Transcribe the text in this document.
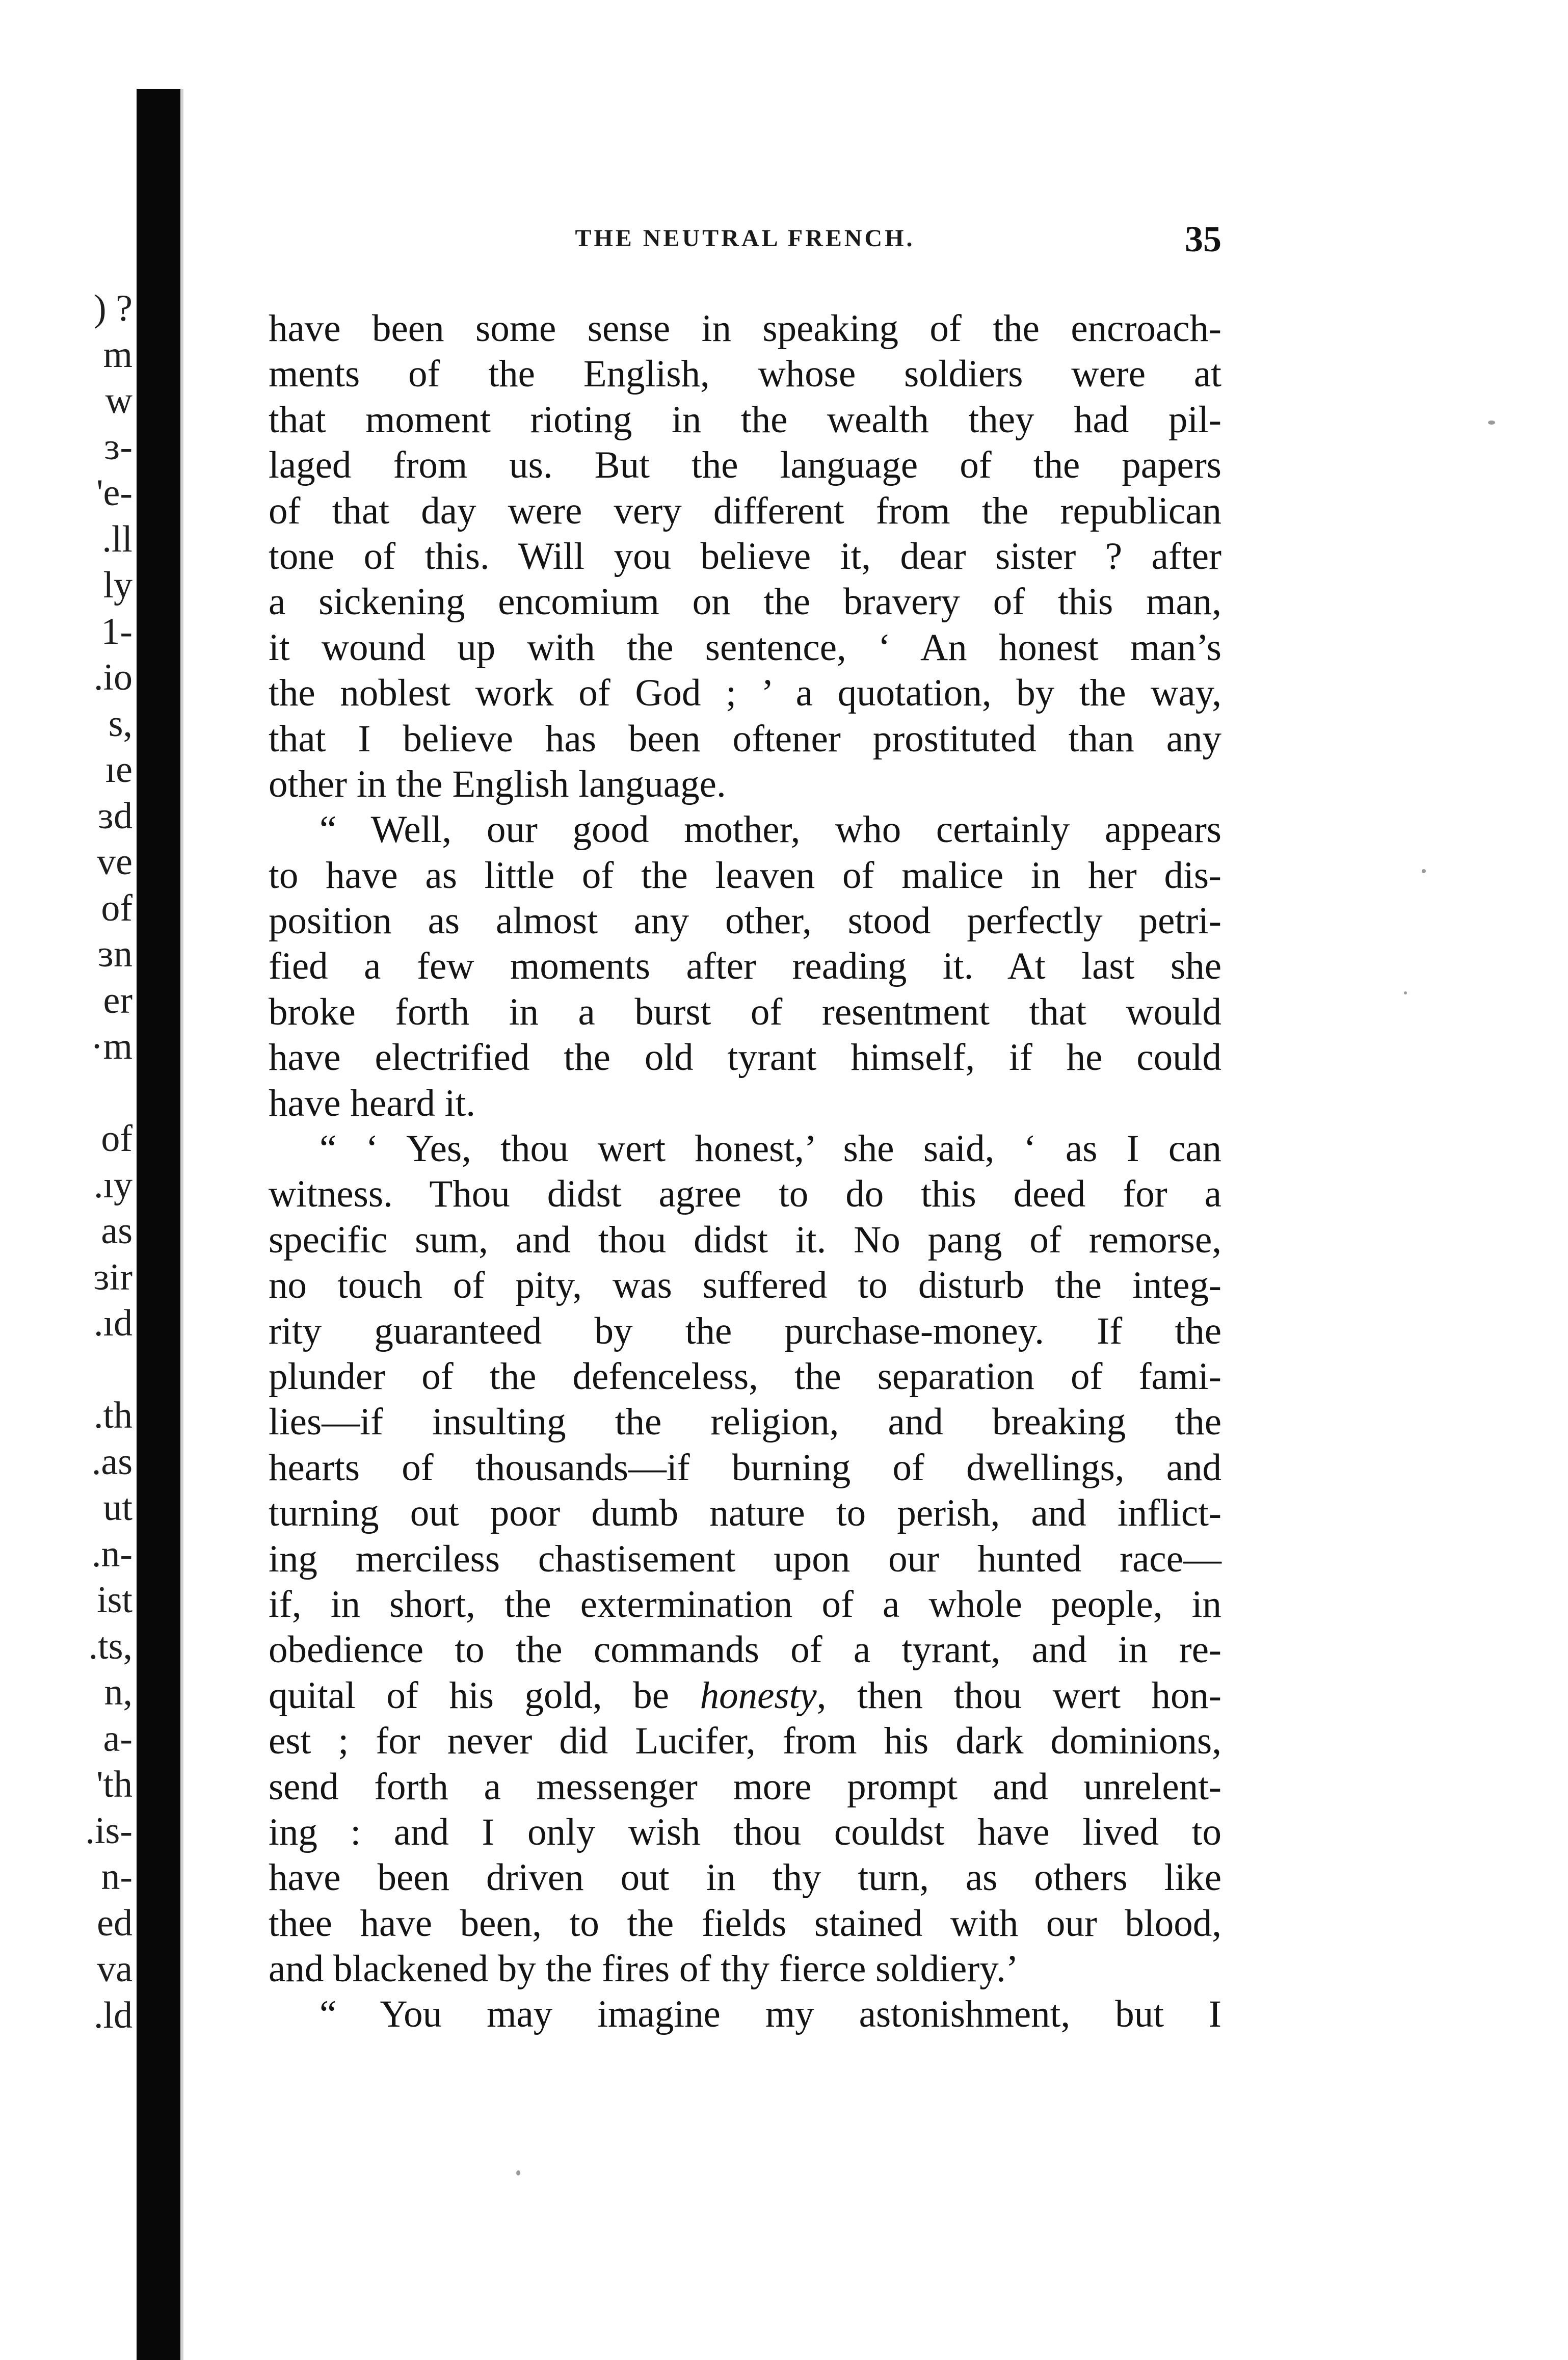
) ?
m
w
ɜ-
'e-
.ll
ly
1-
.io
s,
ıe
ɜd
ve
of
ɜn
er
·m
of
.ıy
as
ɜir
.ıd
.th
.as
ut
.n-
ist
.ts,
n,
a-
'th
.is-
n-
ed
va
.ld
THE NEUTRAL FRENCH.	35
have been some sense in speaking of the encroach-
ments of the English, whose soldiers were at
that moment rioting in the wealth they had pil-
laged from us. But the language of the papers
of that day were very different from the republican
tone of this. Will you believe it, dear sister ? after
a sickening encomium on the bravery of this man,
it wound up with the sentence, ‘ An honest man’s
the noblest work of God ; ’ a quotation, by the way,
that I believe has been oftener prostituted than any
other in the English language.
“ Well, our good mother, who certainly appears
to have as little of the leaven of malice in her dis-
position as almost any other, stood perfectly petri-
fied a few moments after reading it. At last she
broke forth in a burst of resentment that would
have electrified the old tyrant himself, if he could
have heard it.
“ ‘ Yes, thou wert honest,’ she said, ‘ as I can
witness. Thou didst agree to do this deed for a
specific sum, and thou didst it. No pang of remorse,
no touch of pity, was suffered to disturb the integ-
rity guaranteed by the purchase-money. If the
plunder of the defenceless, the separation of fami-
lies—if insulting the religion, and breaking the
hearts of thousands—if burning of dwellings, and
turning out poor dumb nature to perish, and inflict-
ing merciless chastisement upon our hunted race—
if, in short, the extermination of a whole people, in
obedience to the commands of a tyrant, and in re-
quital of his gold, be honesty, then thou wert hon-
est ; for never did Lucifer, from his dark dominions,
send forth a messenger more prompt and unrelent-
ing : and I only wish thou couldst have lived to
have been driven out in thy turn, as others like
thee have been, to the fields stained with our blood,
and blackened by the fires of thy fierce soldiery.’
“ You may imagine my astonishment, but I
